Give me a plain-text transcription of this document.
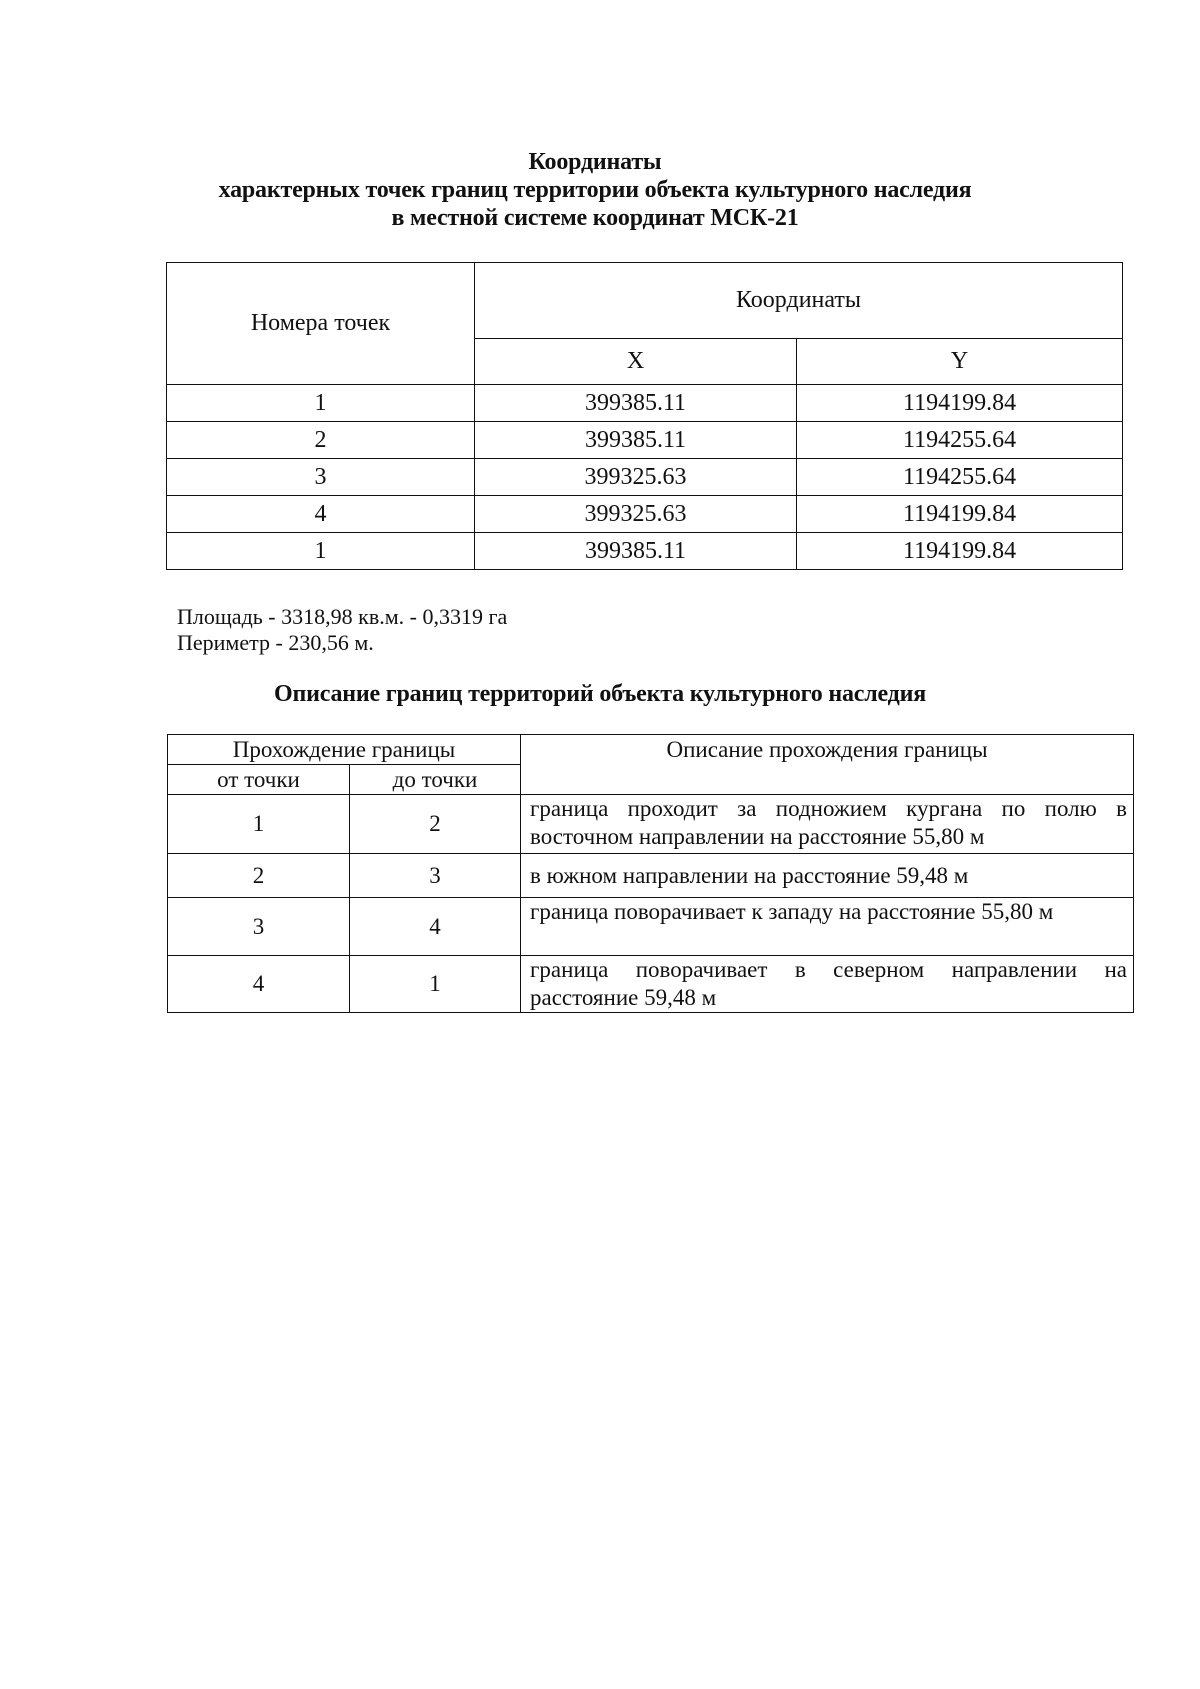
Координаты
характерных точек границ территории объекта культурного наследия
в местной системе координат МСК-21
Номера точек	Координаты	
	X	Y
1	399385.11	1194199.84
2	399385.11	1194255.64
3	399325.63	1194255.64
4	399325.63	1194199.84
1	399385.11	1194199.84
Площадь - 3318,98 кв.м. - 0,3319 га
Периметр - 230,56 м.
Описание границ территорий объекта культурного наследия
Прохождение границы		Описание прохождения границы
от точки	до точки	
1	2	граница проходит за подножием кургана по полю в восточном направлении на расстояние 55,80 м
2	3	в южном направлении на расстояние 59,48 м
3	4	граница поворачивает к западу на расстояние 55,80 м
4	1	граница поворачивает в северном направлении на расстояние 59,48 м
